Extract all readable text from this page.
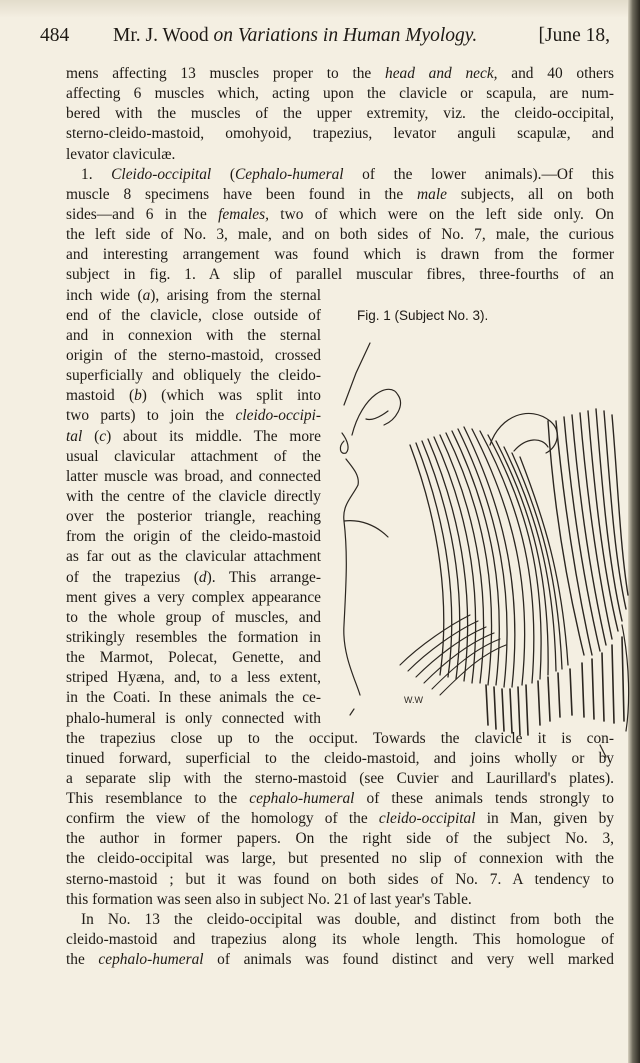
484 Mr. J. Wood on Variations in Human Myology.	[June 18,
mens affecting 13 muscles proper to the head and neck, and 40 others
affecting 6 muscles which, acting upon the clavicle or scapula, are num-
bered with the muscles of the upper extremity, viz. the cleido-occipital,
sterno-cleido-mastoid, omohyoid, trapezius, levator anguli scapulæ, and
levator claviculæ.
1. Cleido-occipital (Cephalo-humeral of the lower animals).—Of this
muscle 8 specimens have been found in the male subjects, all on both
sides—and 6 in the females, two of which were on the left side only. On
the left side of No. 3, male, and on both sides of No. 7, male, the curious
and interesting arrangement was found which is drawn from the former
subject in fig. 1. A slip of parallel muscular fibres, three-fourths of an
inch wide (a), arising from the sternal
end of the clavicle, close outside of
and in connexion with the sternal
origin of the sterno-mastoid, crossed
superficially and obliquely the cleido-
mastoid (b) (which was split into
two parts) to join the cleido-occipi-
tal (c) about its middle. The more
usual clavicular attachment of the
latter muscle was broad, and connected
with the centre of the clavicle directly
over the posterior triangle, reaching
from the origin of the cleido-mastoid
as far out as the clavicular attachment
of the trapezius (d). This arrange-
ment gives a very complex appearance
to the whole group of muscles, and
strikingly resembles the formation in
the Marmot, Polecat, Genette, and
striped Hyæna, and, to a less extent,
in the Coati. In these animals the ce-
phalo-humeral is only connected with
the trapezius close up to the occiput. Towards the clavicle it is con-
tinued forward, superficial to the cleido-mastoid, and joins wholly or by
a separate slip with the sterno-mastoid (see Cuvier and Laurillard's plates).
This resemblance to the cephalo-humeral of these animals tends strongly to
confirm the view of the homology of the cleido-occipital in Man, given by
the author in former papers. On the right side of the subject No. 3,
the cleido-occipital was large, but presented no slip of connexion with the
sterno-mastoid ; but it was found on both sides of No. 7. A tendency to
this formation was seen also in subject No. 21 of last year's Table.
In No. 13 the cleido-occipital was double, and distinct from both the
cleido-mastoid and trapezius along its whole length. This homologue of
the cephalo-humeral of animals was found distinct and very well marked
Fig. 1 (Subject No. 3).
W.W
